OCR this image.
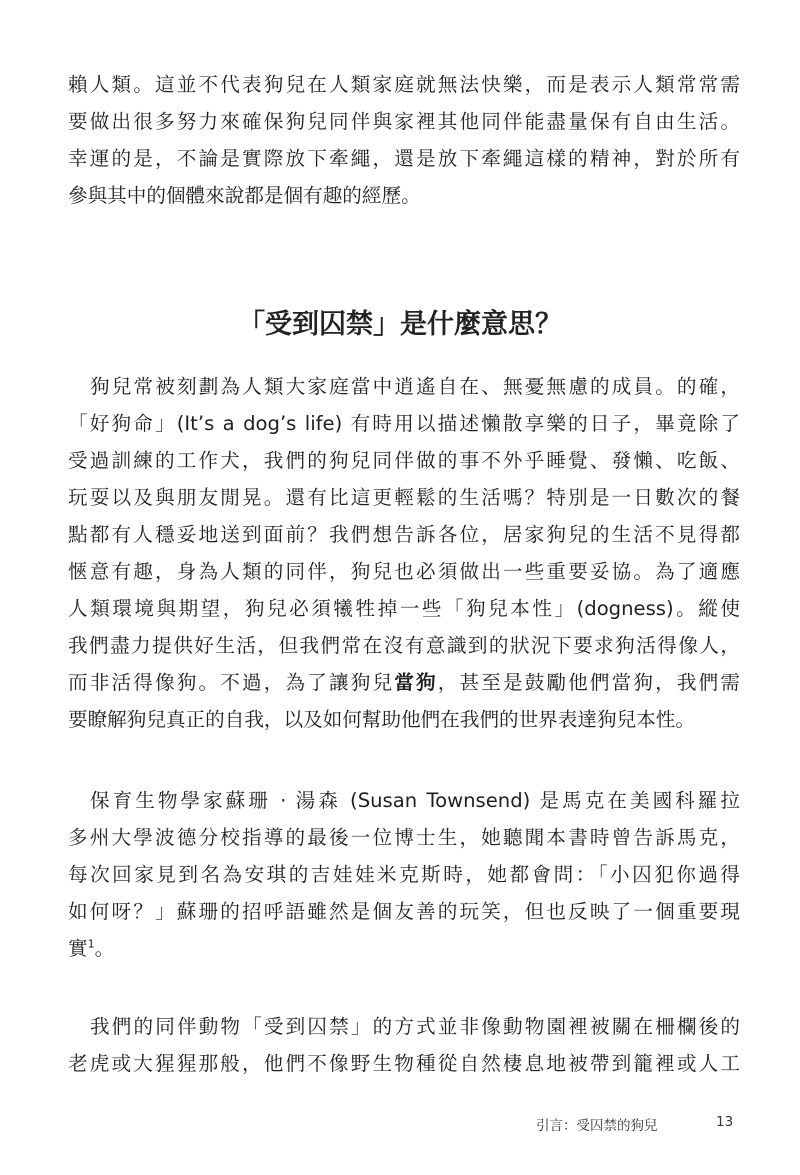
賴人類。這並不代表狗兒在人類家庭就無法快樂，而是表示人類常常需
要做出很多努力來確保狗兒同伴與家裡其他同伴能盡量保有自由生活。
幸運的是，不論是實際放下牽繩，還是放下牽繩這樣的精神，對於所有
參與其中的個體來說都是個有趣的經歷。
「受到囚禁」是什麼意思？
狗兒常被刻劃為人類大家庭當中逍遙自在、無憂無慮的成員。的確，
「好狗命」(It’s a dog’s life) 有時用以描述懶散享樂的日子，畢竟除了
受過訓練的工作犬，我們的狗兒同伴做的事不外乎睡覺、發懶、吃飯、
玩耍以及與朋友閒晃。還有比這更輕鬆的生活嗎？特別是一日數次的餐
點都有人穩妥地送到面前？我們想告訴各位，居家狗兒的生活不見得都
愜意有趣，身為人類的同伴，狗兒也必須做出一些重要妥協。為了適應
人類環境與期望，狗兒必須犧牲掉一些「狗兒本性」(dogness)。縱使
我們盡力提供好生活，但我們常在沒有意識到的狀況下要求狗活得像人，
而非活得像狗。不過，為了讓狗兒當狗，甚至是鼓勵他們當狗，我們需
要瞭解狗兒真正的自我，以及如何幫助他們在我們的世界表達狗兒本性。
保育生物學家蘇珊 · 湯森 (Susan Townsend) 是馬克在美國科羅拉
多州大學波德分校指導的最後一位博士生，她聽聞本書時曾告訴馬克，
每次回家見到名為安琪的吉娃娃米克斯時，她都會問：「小囚犯你過得
如何呀？」蘇珊的招呼語雖然是個友善的玩笑，但也反映了一個重要現
實$^1$。
我們的同伴動物「受到囚禁」的方式並非像動物園裡被關在柵欄後的
老虎或大猩猩那般，他們不像野生物種從自然棲息地被帶到籠裡或人工
引言：受囚禁的狗兒	13
